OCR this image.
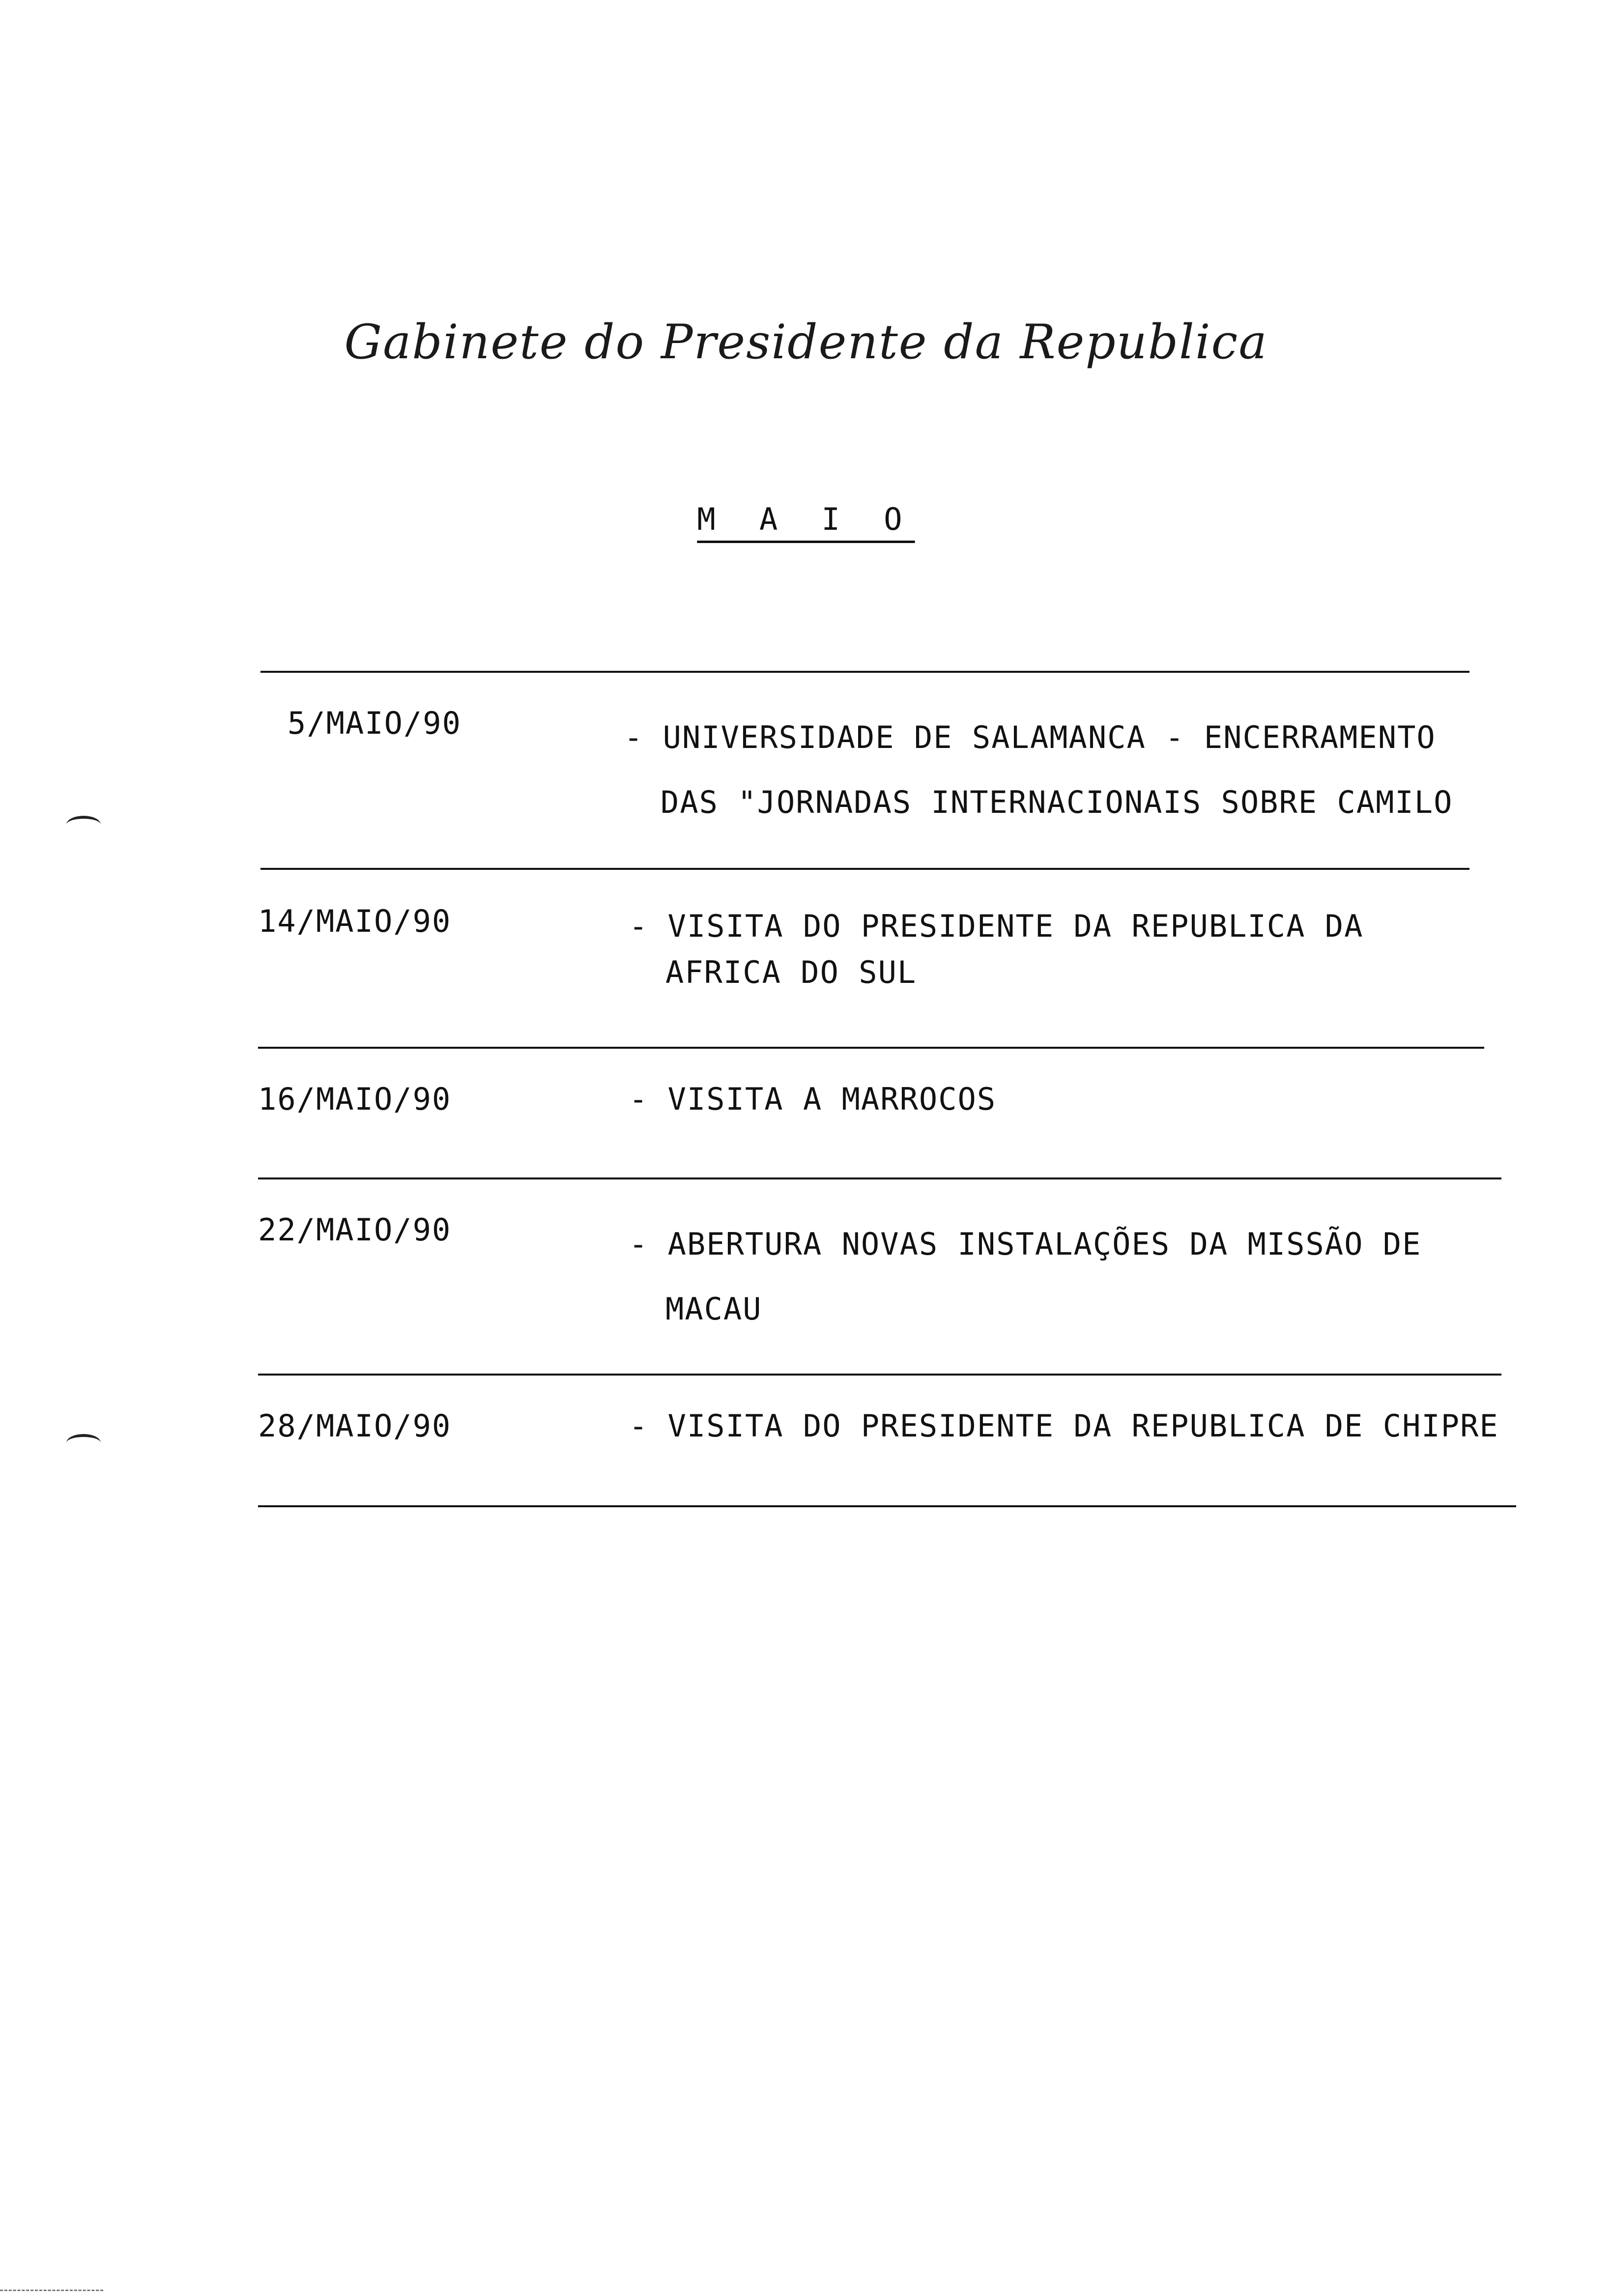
Gabinete do Presidente da Republica
M A I O
5/MAIO/90	- UNIVERSIDADE DE SALAMANCA - ENCERRAMENTO
DAS "JORNADAS INTERNACIONAIS SOBRE CAMILO
14/MAIO/90	- VISITA DO PRESIDENTE DA REPUBLICA DA
AFRICA DO SUL
16/MAIO/90	- VISITA A MARROCOS
22/MAIO/90	- ABERTURA NOVAS INSTALAÇÕES DA MISSÃO DE
MACAU
28/MAIO/90	- VISITA DO PRESIDENTE DA REPUBLICA DE CHIPRE
